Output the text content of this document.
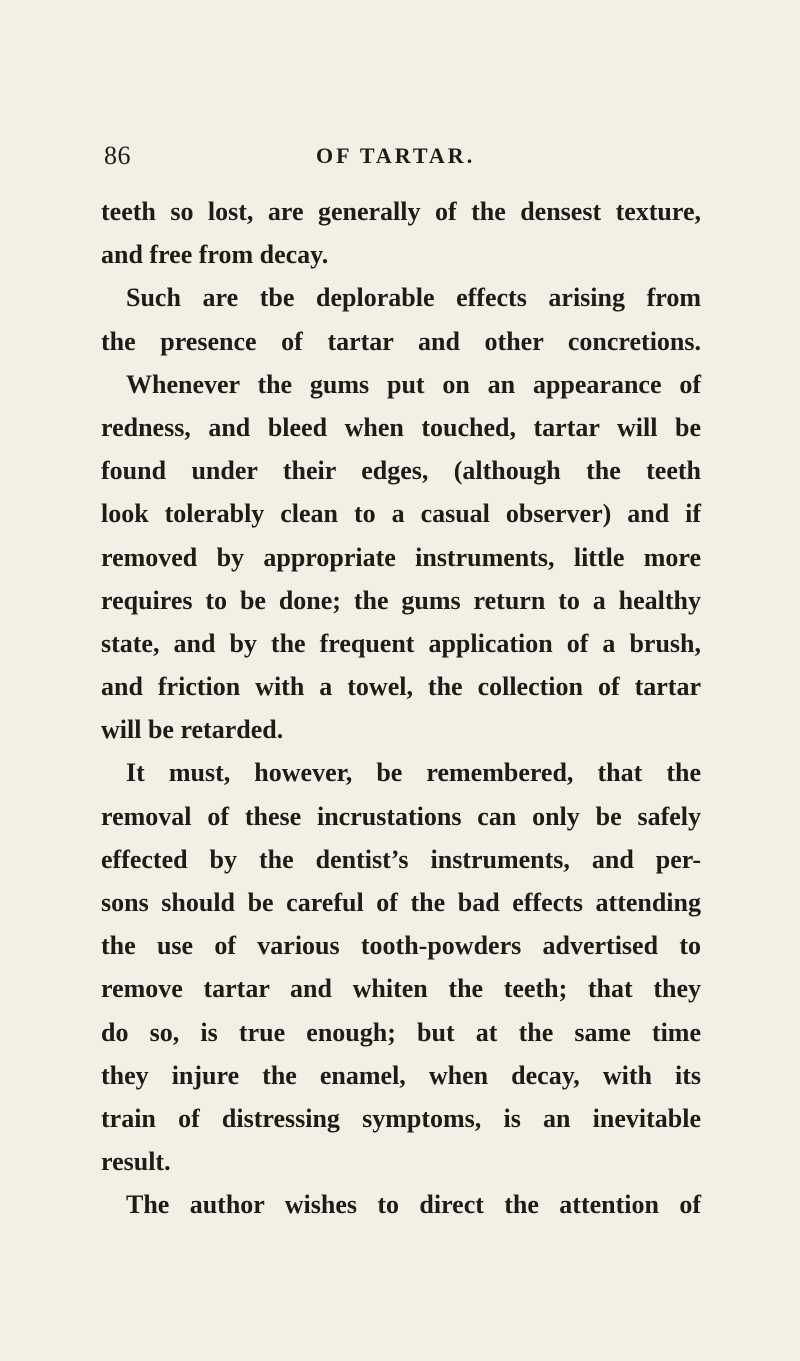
86	OF TARTAR.
teeth so lost, are generally of the densest texture,
and free from decay.
Such are tbe deplorable effects arising from
the presence of tartar and other concretions.
Whenever the gums put on an appearance of
redness, and bleed when touched, tartar will be
found under their edges, (although the teeth
look tolerably clean to a casual observer) and if
removed by appropriate instruments, little more
requires to be done; the gums return to a healthy
state, and by the frequent application of a brush,
and friction with a towel, the collection of tartar
will be retarded.
It must, however, be remembered, that the
removal of these incrustations can only be safely
effected by the dentist’s instruments, and per-
sons should be careful of the bad effects attending
the use of various tooth-powders advertised to
remove tartar and whiten the teeth; that they
do so, is true enough; but at the same time
they injure the enamel, when decay, with its
train of distressing symptoms, is an inevitable
result.
The author wishes to direct the attention of
